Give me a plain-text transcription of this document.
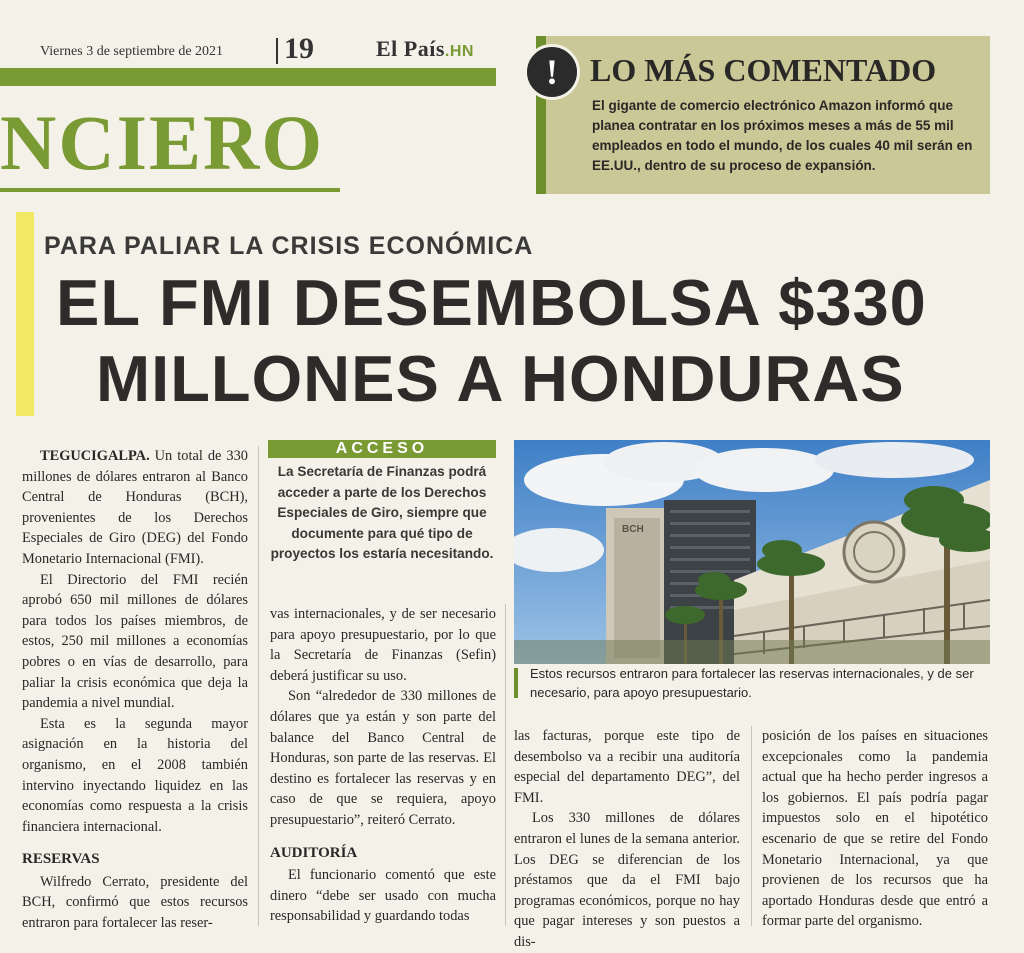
Viernes 3 de septiembre de 2021 19	El País.HN
NCIERO
!	LO MÁS COMENTADO
El gigante de comercio electrónico Amazon informó que planea contratar en los próximos meses a más de 55 mil empleados en todo el mundo, de los cuales 40 mil serán en EE.UU., dentro de su proceso de expansión.
PARA PALIAR LA CRISIS ECONÓMICA
EL FMI DESEMBOLSA $330
MILLONES A HONDURAS

TEGUCIGALPA. Un total de 330 millones de dólares entraron al Banco Central de Honduras (BCH), provenientes de los Derechos Especiales de Giro (DEG) del Fondo Monetario Internacional (FMI).

El Directorio del FMI recién aprobó 650 mil millones de dólares para todos los países miembros, de estos, 250 mil millones a economías pobres o en vías de desarrollo, para paliar la crisis económica que deja la pandemia a nivel mundial.

Esta es la segunda mayor asignación en la historia del organismo, en el 2008 también intervino inyectando liquidez en las economías como respuesta a la crisis financiera internacional.

RESERVAS

Wilfredo Cerrato, presidente del BCH, confirmó que estos recursos entraron para fortalecer las reser-

ACCESO
La Secretaría de Finanzas podrá acceder a parte de los Derechos Especiales de Giro, siempre que documente para qué tipo de proyectos los estaría necesitando.

vas internacionales, y de ser necesario para apoyo presupuestario, por lo que la Secretaría de Finanzas (Sefin) deberá justificar su uso.

Son “alrededor de 330 millones de dólares que ya están y son parte del balance del Banco Central de Honduras, son parte de las reservas. El destino es fortalecer las reservas y en caso de que se requiera, apoyo presupuestario”, reiteró Cerrato.

AUDITORÍA

El funcionario comentó que este dinero “debe ser usado con mucha responsabilidad y guardando todas

BCH
Estos recursos entraron para fortalecer las reservas internacionales, y de ser necesario, para apoyo presupuestario.

las facturas, porque este tipo de desembolso va a recibir una auditoría especial del departamento DEG”, del FMI.

Los 330 millones de dólares entraron el lunes de la semana anterior. Los DEG se diferencian de los préstamos que da el FMI bajo programas económicos, porque no hay que pagar intereses y son puestos a dis-

posición de los países en situaciones excepcionales como la pandemia actual que ha hecho perder ingresos a los gobiernos. El país podría pagar impuestos solo en el hipotético escenario de que se retire del Fondo Monetario Internacional, ya que provienen de los recursos que ha aportado Honduras desde que entró a formar parte del organismo.
